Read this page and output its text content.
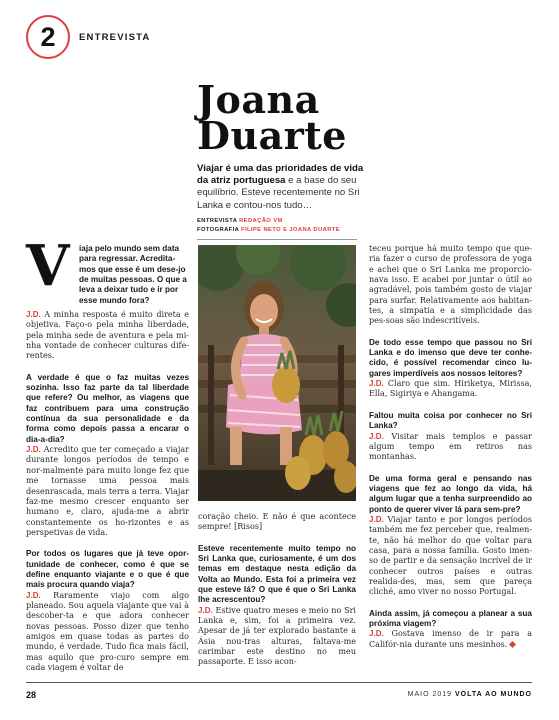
2 ENTREVISTA
Joana
Duarte
Viajar é uma das prioridades de vida da atriz portuguesa e a base do seu equilíbrio. Esteve recentemente no Sri Lanka e contou-nos tudo…
ENTREVISTA REDAÇÃO VM
FOTOGRAFIA FILIPE NETO E JOANA DUARTE
V iaja pelo mundo sem data para regressar. Acredita-mos que esse é um dese-jo de muitas pessoas. O que a leva a deixar tudo e ir por esse mundo fora?

J.D. A minha resposta é muito direta e objetiva. Faço-o pela minha liberdade, pela minha sede de aventura e pela mi-nha vontade de conhecer culturas dife-rentes.

A verdade é que o faz muitas vezes sozinha. Isso faz parte da tal liberdade que refere? Ou melhor, as viagens que faz contribuem para uma construção contínua da sua personalidade e da forma como depois passa a encarar o dia-a-dia?

J.D. Acredito que ter começado a viajar durante longos períodos de tempo e nor-malmente para muito longe fez que me tornasse uma pessoa mais desenrascada, mais terra a terra. Viajar faz-me mesmo crescer enquanto ser humano e, claro, ajuda-me a abrir constantemente os ho-rizontes e as perspetivas de vida.

Por todos os lugares que já teve opor-tunidade de conhecer, como é que se define enquanto viajante e o que é que mais procura quando viaja?

J.D. Raramente viajo com algo planeado. Sou aquela viajante que vai à descober-ta e que adora conhecer novas pessoas. Posso dizer que tenho amigos em quase todas as partes do mundo, é verdade. Tudo fica mais fácil, mas aquilo que pro-curo sempre em cada viagem é voltar de

coração cheio. E não é que acontece sempre! [Risos]

Esteve recentemente muito tempo no Sri Lanka que, curiosamente, é um dos temas em destaque nesta edição da Volta ao Mundo. Esta foi a primeira vez que esteve lá? O que é que o Sri Lanka lhe acrescentou?

J.D. Estive quatro meses e meio no Sri Lanka e, sim, foi a primeira vez. Apesar de já ter explorado bastante a Ásia nou-tras alturas, faltava-me carimbar este destino no meu passaporte. E isso acon-

teceu porque há muito tempo que que-ria fazer o curso de professora de yoga e achei que o Sri Lanka me proporcio-nava isso. E acabei por juntar o útil ao agradável, pois também gosto de viajar para surfar. Relativamente aos habitan-tes, a simpatia e a simplicidade das pes-soas são indescritíveis.

De todo esse tempo que passou no Sri Lanka e do imenso que deve ter conhe-cido, é possível recomendar cinco lu-gares imperdíveis aos nossos leitores?

J.D. Claro que sim. Hiriketya, Mirissa, Ella, Sigiriya e Ahangama.

Faltou muita coisa por conhecer no Sri Lanka?

J.D. Visitar mais templos e passar algum tempo em retiros nas montanhas.

De uma forma geral e pensando nas viagens que fez ao longo da vida, há algum lugar que a tenha surpreendido ao ponto de querer viver lá para sem-pre?

J.D. Viajar tanto e por longos períodos também me fez perceber que, realmen-te, não há melhor do que voltar para casa, para a nossa família. Gosto imen-so de partir e da sensação incrível de ir conhecer outros países e outras realida-des, mas, sem que pareça cliché, amo viver no nosso Portugal.

Ainda assim, já começou a planear a sua próxima viagem?

J.D. Gostava imenso de ir para a Califór-nia durante uns mesinhos.

28	MAIO 2019 VOLTA AO MUNDO
